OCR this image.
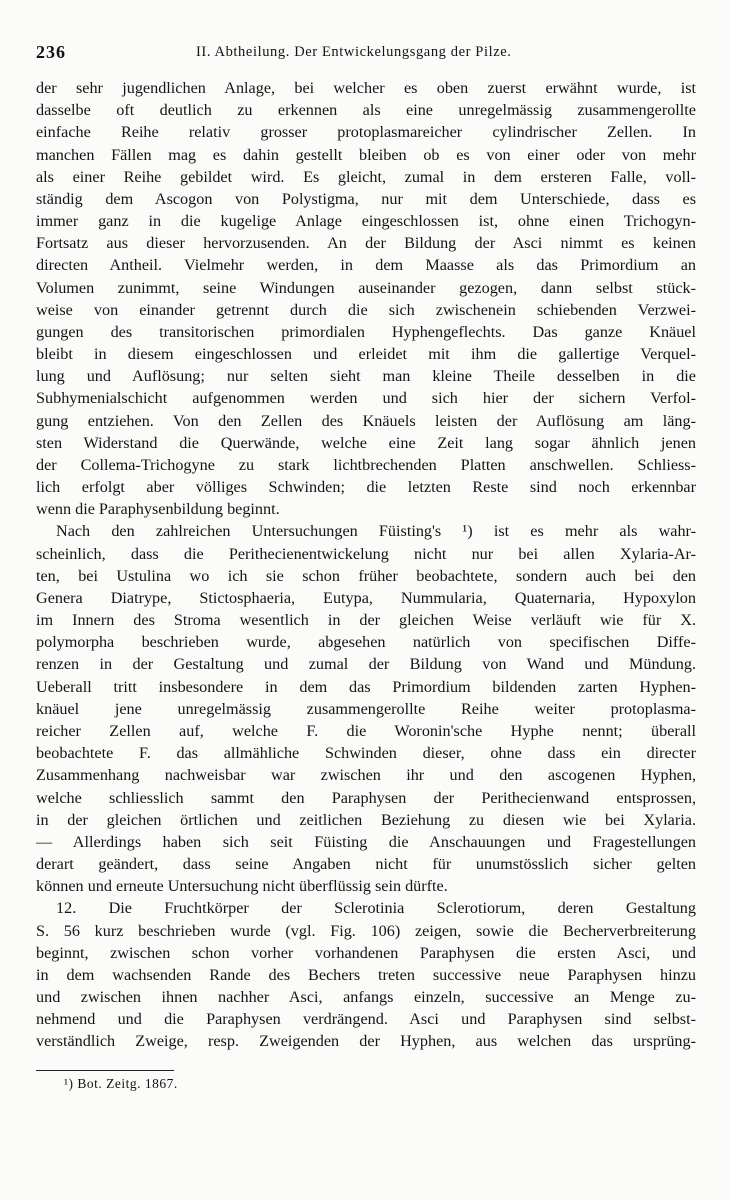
236	II. Abtheilung. Der Entwickelungsgang der Pilze.
der sehr jugendlichen Anlage, bei welcher es oben zuerst erwähnt wurde, ist
dasselbe oft deutlich zu erkennen als eine unregelmässig zusammengerollte
einfache Reihe relativ grosser protoplasmareicher cylindrischer Zellen. In
manchen Fällen mag es dahin gestellt bleiben ob es von einer oder von mehr
als einer Reihe gebildet wird. Es gleicht, zumal in dem ersteren Falle, voll-
ständig dem Ascogon von Polystigma, nur mit dem Unterschiede, dass es
immer ganz in die kugelige Anlage eingeschlossen ist, ohne einen Trichogyn-
Fortsatz aus dieser hervorzusenden. An der Bildung der Asci nimmt es keinen
directen Antheil. Vielmehr werden, in dem Maasse als das Primordium an
Volumen zunimmt, seine Windungen auseinander gezogen, dann selbst stück-
weise von einander getrennt durch die sich zwischenein schiebenden Verzwei-
gungen des transitorischen primordialen Hyphengeflechts. Das ganze Knäuel
bleibt in diesem eingeschlossen und erleidet mit ihm die gallertige Verquel-
lung und Auflösung; nur selten sieht man kleine Theile desselben in die
Subhymenialschicht aufgenommen werden und sich hier der sichern Verfol-
gung entziehen. Von den Zellen des Knäuels leisten der Auflösung am läng-
sten Widerstand die Querwände, welche eine Zeit lang sogar ähnlich jenen
der Collema-Trichogyne zu stark lichtbrechenden Platten anschwellen. Schliess-
lich erfolgt aber völliges Schwinden; die letzten Reste sind noch erkennbar
wenn die Paraphysenbildung beginnt.
Nach den zahlreichen Untersuchungen Füisting's ¹) ist es mehr als wahr-
scheinlich, dass die Perithecienentwickelung nicht nur bei allen Xylaria-Ar-
ten, bei Ustulina wo ich sie schon früher beobachtete, sondern auch bei den
Genera Diatrype, Stictosphaeria, Eutypa, Nummularia, Quaternaria, Hypoxylon
im Innern des Stroma wesentlich in der gleichen Weise verläuft wie für X.
polymorpha beschrieben wurde, abgesehen natürlich von specifischen Diffe-
renzen in der Gestaltung und zumal der Bildung von Wand und Mündung.
Ueberall tritt insbesondere in dem das Primordium bildenden zarten Hyphen-
knäuel jene unregelmässig zusammengerollte Reihe weiter protoplasma-
reicher Zellen auf, welche F. die Woronin'sche Hyphe nennt; überall
beobachtete F. das allmähliche Schwinden dieser, ohne dass ein directer
Zusammenhang nachweisbar war zwischen ihr und den ascogenen Hyphen,
welche schliesslich sammt den Paraphysen der Perithecienwand entsprossen,
in der gleichen örtlichen und zeitlichen Beziehung zu diesen wie bei Xylaria.
— Allerdings haben sich seit Füisting die Anschauungen und Fragestellungen
derart geändert, dass seine Angaben nicht für unumstösslich sicher gelten
können und erneute Untersuchung nicht überflüssig sein dürfte.
12. Die Fruchtkörper der Sclerotinia Sclerotiorum, deren Gestaltung
S. 56 kurz beschrieben wurde (vgl. Fig. 106) zeigen, sowie die Becherverbreiterung
beginnt, zwischen schon vorher vorhandenen Paraphysen die ersten Asci, und
in dem wachsenden Rande des Bechers treten successive neue Paraphysen hinzu
und zwischen ihnen nachher Asci, anfangs einzeln, successive an Menge zu-
nehmend und die Paraphysen verdrängend. Asci und Paraphysen sind selbst-
verständlich Zweige, resp. Zweigenden der Hyphen, aus welchen das ursprüng-
¹) Bot. Zeitg. 1867.
